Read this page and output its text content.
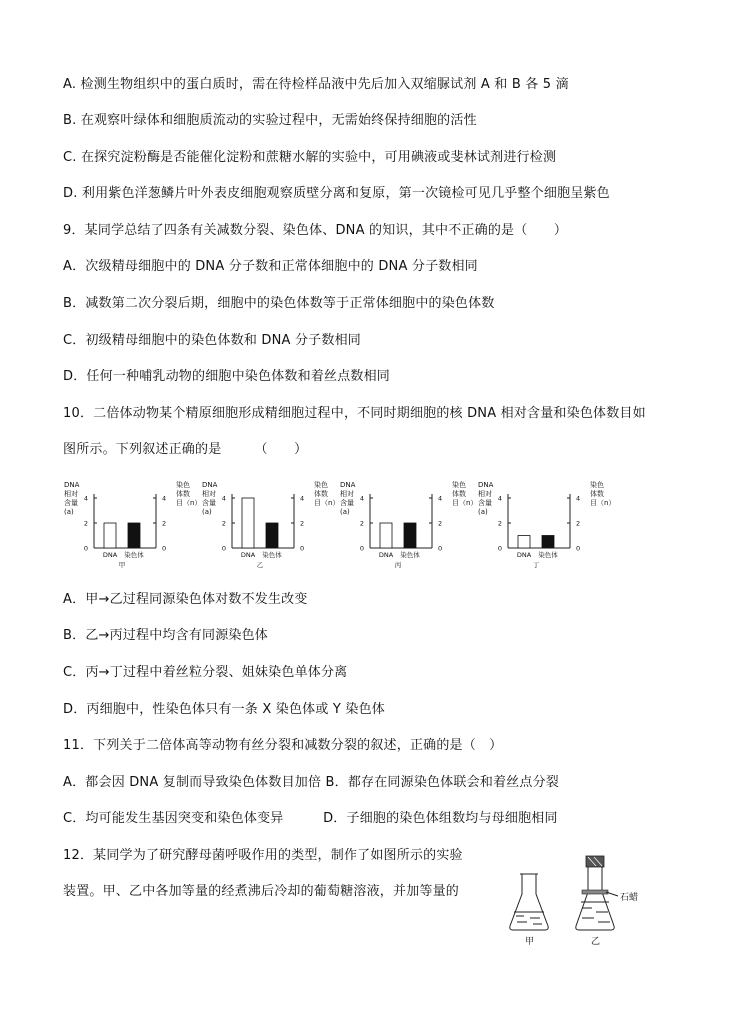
A. 检测生物组织中的蛋白质时，需在待检样品液中先后加入双缩脲试剂 A 和 B 各 5 滴
B. 在观察叶绿体和细胞质流动的实验过程中，无需始终保持细胞的活性
C. 在探究淀粉酶是否能催化淀粉和蔗糖水解的实验中，可用碘液或斐林试剂进行检测
D. 利用紫色洋葱鳞片叶外表皮细胞观察质壁分离和复原，第一次镜检可见几乎整个细胞呈紫色
9．某同学总结了四条有关减数分裂、染色体、DNA 的知识，其中不正确的是（　　）
A．次级精母细胞中的 DNA 分子数和正常体细胞中的 DNA 分子数相同
B．减数第二次分裂后期，细胞中的染色体数等于正常体细胞中的染色体数
C．初级精母细胞中的染色体数和 DNA 分子数相同
D．任何一种哺乳动物的细胞中染色体数和着丝点数相同
10．二倍体动物某个精原细胞形成精细胞过程中，不同时期细胞的核 DNA 相对含量和染色体数目如
图所示。下列叙述正确的是　　　（　　）
DNA
相对
含量
(a)
染色
体数
目（n）
0	0
2	2
4	4
DNA 染色体
甲
DNA
相对
含量
(a)
染色
体数
目（n）
0	0
2	2
4	4
DNA 染色体
乙
DNA
相对
含量
(a)
染色
体数
目（n）
0	0
2	2
4	4
DNA 染色体
丙
DNA
相对
含量
(a)
染色
体数
目（n）
0	0
2	2
4	4
DNA 染色体
丁
A．甲→乙过程同源染色体对数不发生改变
B．乙→丙过程中均含有同源染色体
C．丙→丁过程中着丝粒分裂、姐妹染色单体分离
D．丙细胞中，性染色体只有一条 X 染色体或 Y 染色体
11．下列关于二倍体高等动物有丝分裂和减数分裂的叙述，正确的是（　）
A．都会因 DNA 复制而导致染色体数目加倍 B．都存在同源染色体联会和着丝点分裂
C．均可能发生基因突变和染色体变异　　　D．子细胞的染色体组数均与母细胞相同
12．某同学为了研究酵母菌呼吸作用的类型，制作了如图所示的实验
装置。甲、乙中各加等量的经煮沸后冷却的葡萄糖溶液，并加等量的	石蜡
甲	乙
